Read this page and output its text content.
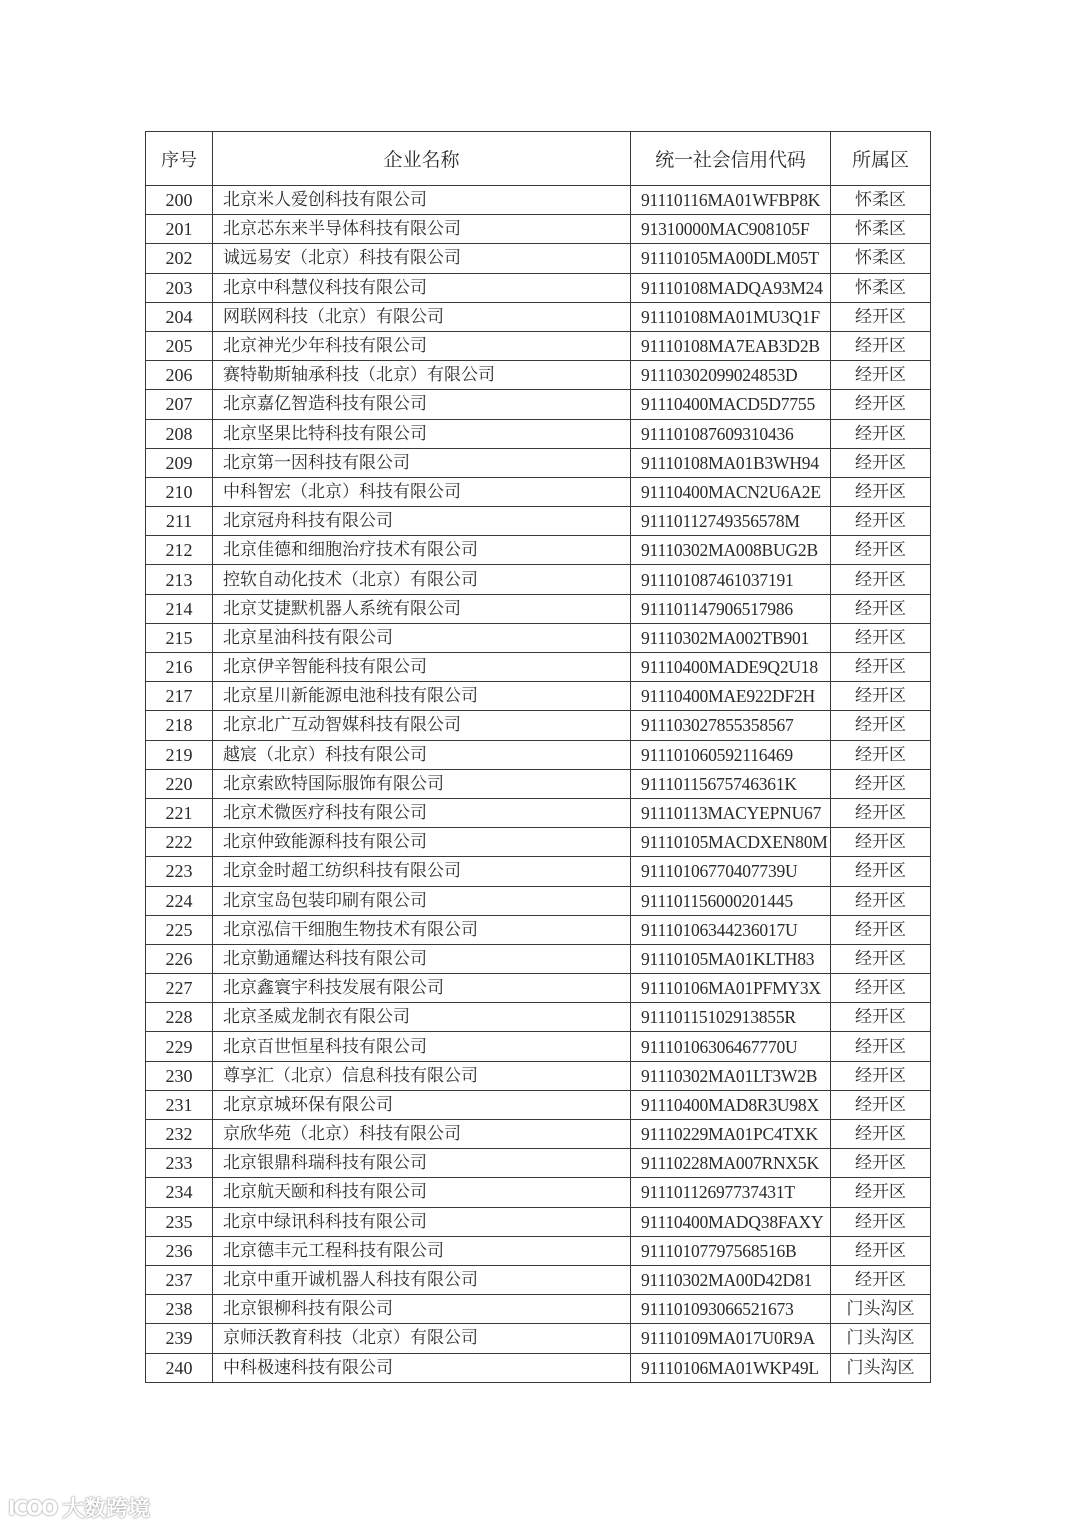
序号	企业名称	统一社会信用代码	所属区
200	北京米人爱创科技有限公司	91110116MA01WFBP8K	怀柔区
201	北京芯东来半导体科技有限公司	91310000MAC908105F	怀柔区
202	诚远易安（北京）科技有限公司	91110105MA00DLM05T	怀柔区
203	北京中科慧仪科技有限公司	91110108MADQA93M24	怀柔区
204	网联网科技（北京）有限公司	91110108MA01MU3Q1F	经开区
205	北京神光少年科技有限公司	91110108MA7EAB3D2B	经开区
206	赛特勒斯轴承科技（北京）有限公司	91110302099024853D	经开区
207	北京嘉亿智造科技有限公司	91110400MACD5D7755	经开区
208	北京坚果比特科技有限公司	911101087609310436	经开区
209	北京第一因科技有限公司	91110108MA01B3WH94	经开区
210	中科智宏（北京）科技有限公司	91110400MACN2U6A2E	经开区
211	北京冠舟科技有限公司	91110112749356578M	经开区
212	北京佳德和细胞治疗技术有限公司	91110302MA008BUG2B	经开区
213	控软自动化技术（北京）有限公司	911101087461037191	经开区
214	北京艾捷默机器人系统有限公司	911101147906517986	经开区
215	北京星油科技有限公司	91110302MA002TB901	经开区
216	北京伊辛智能科技有限公司	91110400MADE9Q2U18	经开区
217	北京星川新能源电池科技有限公司	91110400MAE922DF2H	经开区
218	北京北广互动智媒科技有限公司	911103027855358567	经开区
219	越宸（北京）科技有限公司	911101060592116469	经开区
220	北京索欧特国际服饰有限公司	91110115675746361K	经开区
221	北京术微医疗科技有限公司	91110113MACYEPNU67	经开区
222	北京仲致能源科技有限公司	91110105MACDXEN80M	经开区
223	北京金时超工纺织科技有限公司	91110106770407739U	经开区
224	北京宝岛包装印刷有限公司	911101156000201445	经开区
225	北京泓信干细胞生物技术有限公司	91110106344236017U	经开区
226	北京勤通耀达科技有限公司	91110105MA01KLTH83	经开区
227	北京鑫寰宇科技发展有限公司	91110106MA01PFMY3X	经开区
228	北京圣威龙制衣有限公司	91110115102913855R	经开区
229	北京百世恒星科技有限公司	91110106306467770U	经开区
230	尊享汇（北京）信息科技有限公司	91110302MA01LT3W2B	经开区
231	北京京城环保有限公司	91110400MAD8R3U98X	经开区
232	京欣华苑（北京）科技有限公司	91110229MA01PC4TXK	经开区
233	北京银鼎科瑞科技有限公司	91110228MA007RNX5K	经开区
234	北京航天颐和科技有限公司	91110112697737431T	经开区
235	北京中绿讯科科技有限公司	91110400MADQ38FAXY	经开区
236	北京德丰元工程科技有限公司	91110107797568516B	经开区
237	北京中重开诚机器人科技有限公司	91110302MA00D42D81	经开区
238	北京银柳科技有限公司	911101093066521673	门头沟区
239	京师沃教育科技（北京）有限公司	91110109MA017U0R9A	门头沟区
240	中科极速科技有限公司	91110106MA01WKP49L	门头沟区
ICOO 大数跨境
